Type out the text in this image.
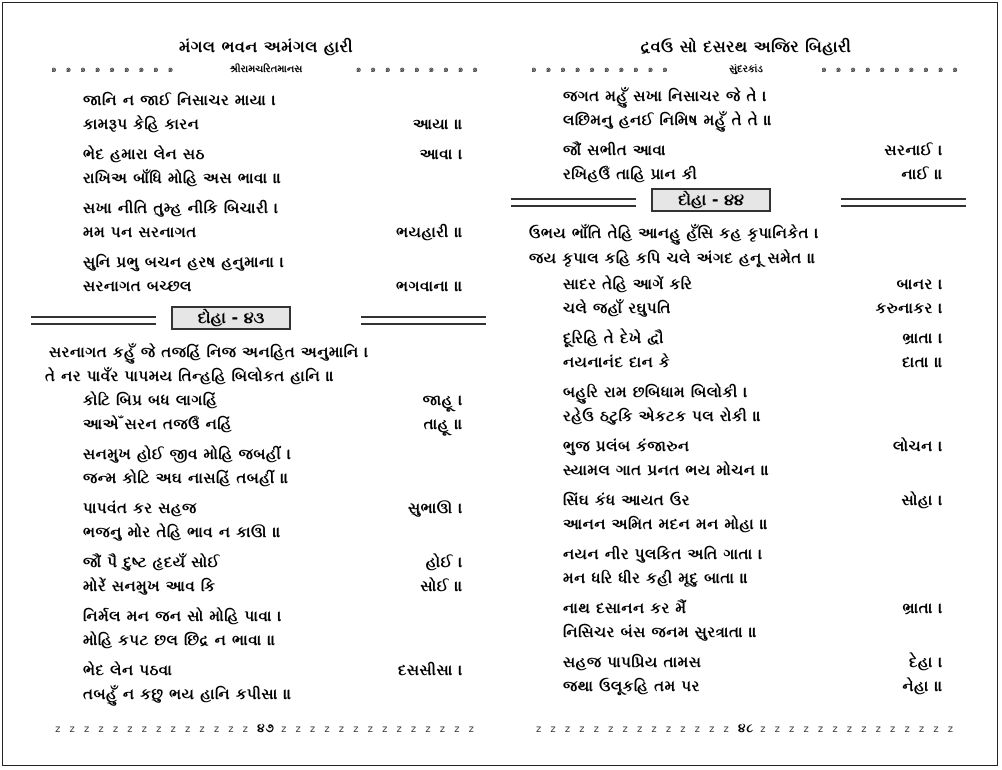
મંગલ ભવન અમંગલ હારી
๑ ๑ ๑ ๑ ๑ ๑ ๑ ๑ ๑	શ્રીરામચરિતમાનસ	๑ ๑ ๑ ๑ ๑ ๑ ๑ ๑ ๑
જાનિ ન જાઈ નિસાચર માયા ।
કામરૂપ કેહિ કારન	આયા ॥
ભેદ હમારા લેન સઠ	આવા ।
રાખિઅ બાઁધિ મોહિ અસ ભાવા ॥
સખા નીતિ તુમ્હ નીકિ બિચારી ।
મમ પન સરનાગત	ભયહારી ॥
સુનિ પ્રભુ બચન હરષ હનુમાના ।
સરનાગત બચ્છલ	ભગવાના ॥
દોહા - ૪૩
સરનાગત કહુઁ જે તજહિં નિજ અનહિત અનુમાનિ ।
તે નર પાવઁર પાપમય તિન્હહિ બિલોકત હાનિ ॥
કોટિ બિપ્ર બધ લાગહિં	જાહૂ ।
આએઁ સરન તજઉઁ નહિં	તાહૂ ॥
સનમુખ હોઈ જીવ મોહિ જબહીં ।
જન્મ કોટિ અઘ નાસહિં તબહીં ॥
પાપવંત કર સહજ	સુભાઊ ।
ભજનુ મોર તેહિ ભાવ ન કાઊ ॥
જૌં પૈ દુષ્ટ હૃદયઁ સોઈ	હોઈ ।
મોરેં સનમુખ આવ કિ	સોઈ ॥
નિર્મલ મન જન સો મોહિ પાવા ।
મોહિ કપટ છલ છિદ્ર ન ભાવા ॥
ભેદ લેન પઠવા	દસસીસા ।
તબહુઁ ન કછુ ભય હાનિ કપીસા ॥
z z z z z z z z z z z z z z ૪૭ z z z z z z z z z z z z z z
દ્રવઉ સો દસરથ અજિર બિહારી
๑ ๑ ๑ ๑ ๑ ๑ ๑ ๑ ๑ ๑	સુંદરકાંડ	๑ ๑ ๑ ๑ ๑ ๑ ๑ ๑ ๑ ๑
જગત મહુઁ સખા નિસાચર જે તે ।
લછિમનુ હનઈ નિમિષ મહુઁ તે તે ॥
જૌં સભીત આવા	સરનાઈ ।
રખિહઉઁ તાહિ પ્રાન કી	નાઈ ॥
દોહા - ૪૪
ઉભય ભાઁતિ તેહિ આનહુ હઁસિ કહ કૃપાનિકેત ।
જય કૃપાલ કહિ કપિ ચલે અંગદ હનૂ સમેત ॥
સાદર તેહિ આગેં કરિ	બાનર ।
ચલે જહાઁ રઘુપતિ	કરુનાકર ।
દૂરિહિ તે દેખે દ્વૌ	ભ્રાતા ।
નયનાનંદ દાન કે	દાતા ॥
બહુરિ રામ છબિધામ બિલોકી ।
રહેઉ ઠટુકિ એકટક પલ રોકી ॥
ભુજ પ્રલંબ કંજારુન	લોચન ।
સ્યામલ ગાત પ્રનત ભય મોચન ॥
સિંઘ કંધ આયત ઉર	સોહા ।
આનન અમિત મદન મન મોહા ॥
નયન નીર પુલકિત અતિ ગાતા ।
મન ધરિ ધીર કહી મૃદુ બાતા ॥
નાથ દસાનન કર મૈં	ભ્રાતા ।
નિસિચર બંસ જનમ સુરત્રાતા ॥
સહજ પાપપ્રિય તામસ	દેહા ।
જથા ઉલૂકહિ તમ પર	નેહા ॥
z z z z z z z z z z z z z z ૪૮ z z z z z z z z z z z z z z
